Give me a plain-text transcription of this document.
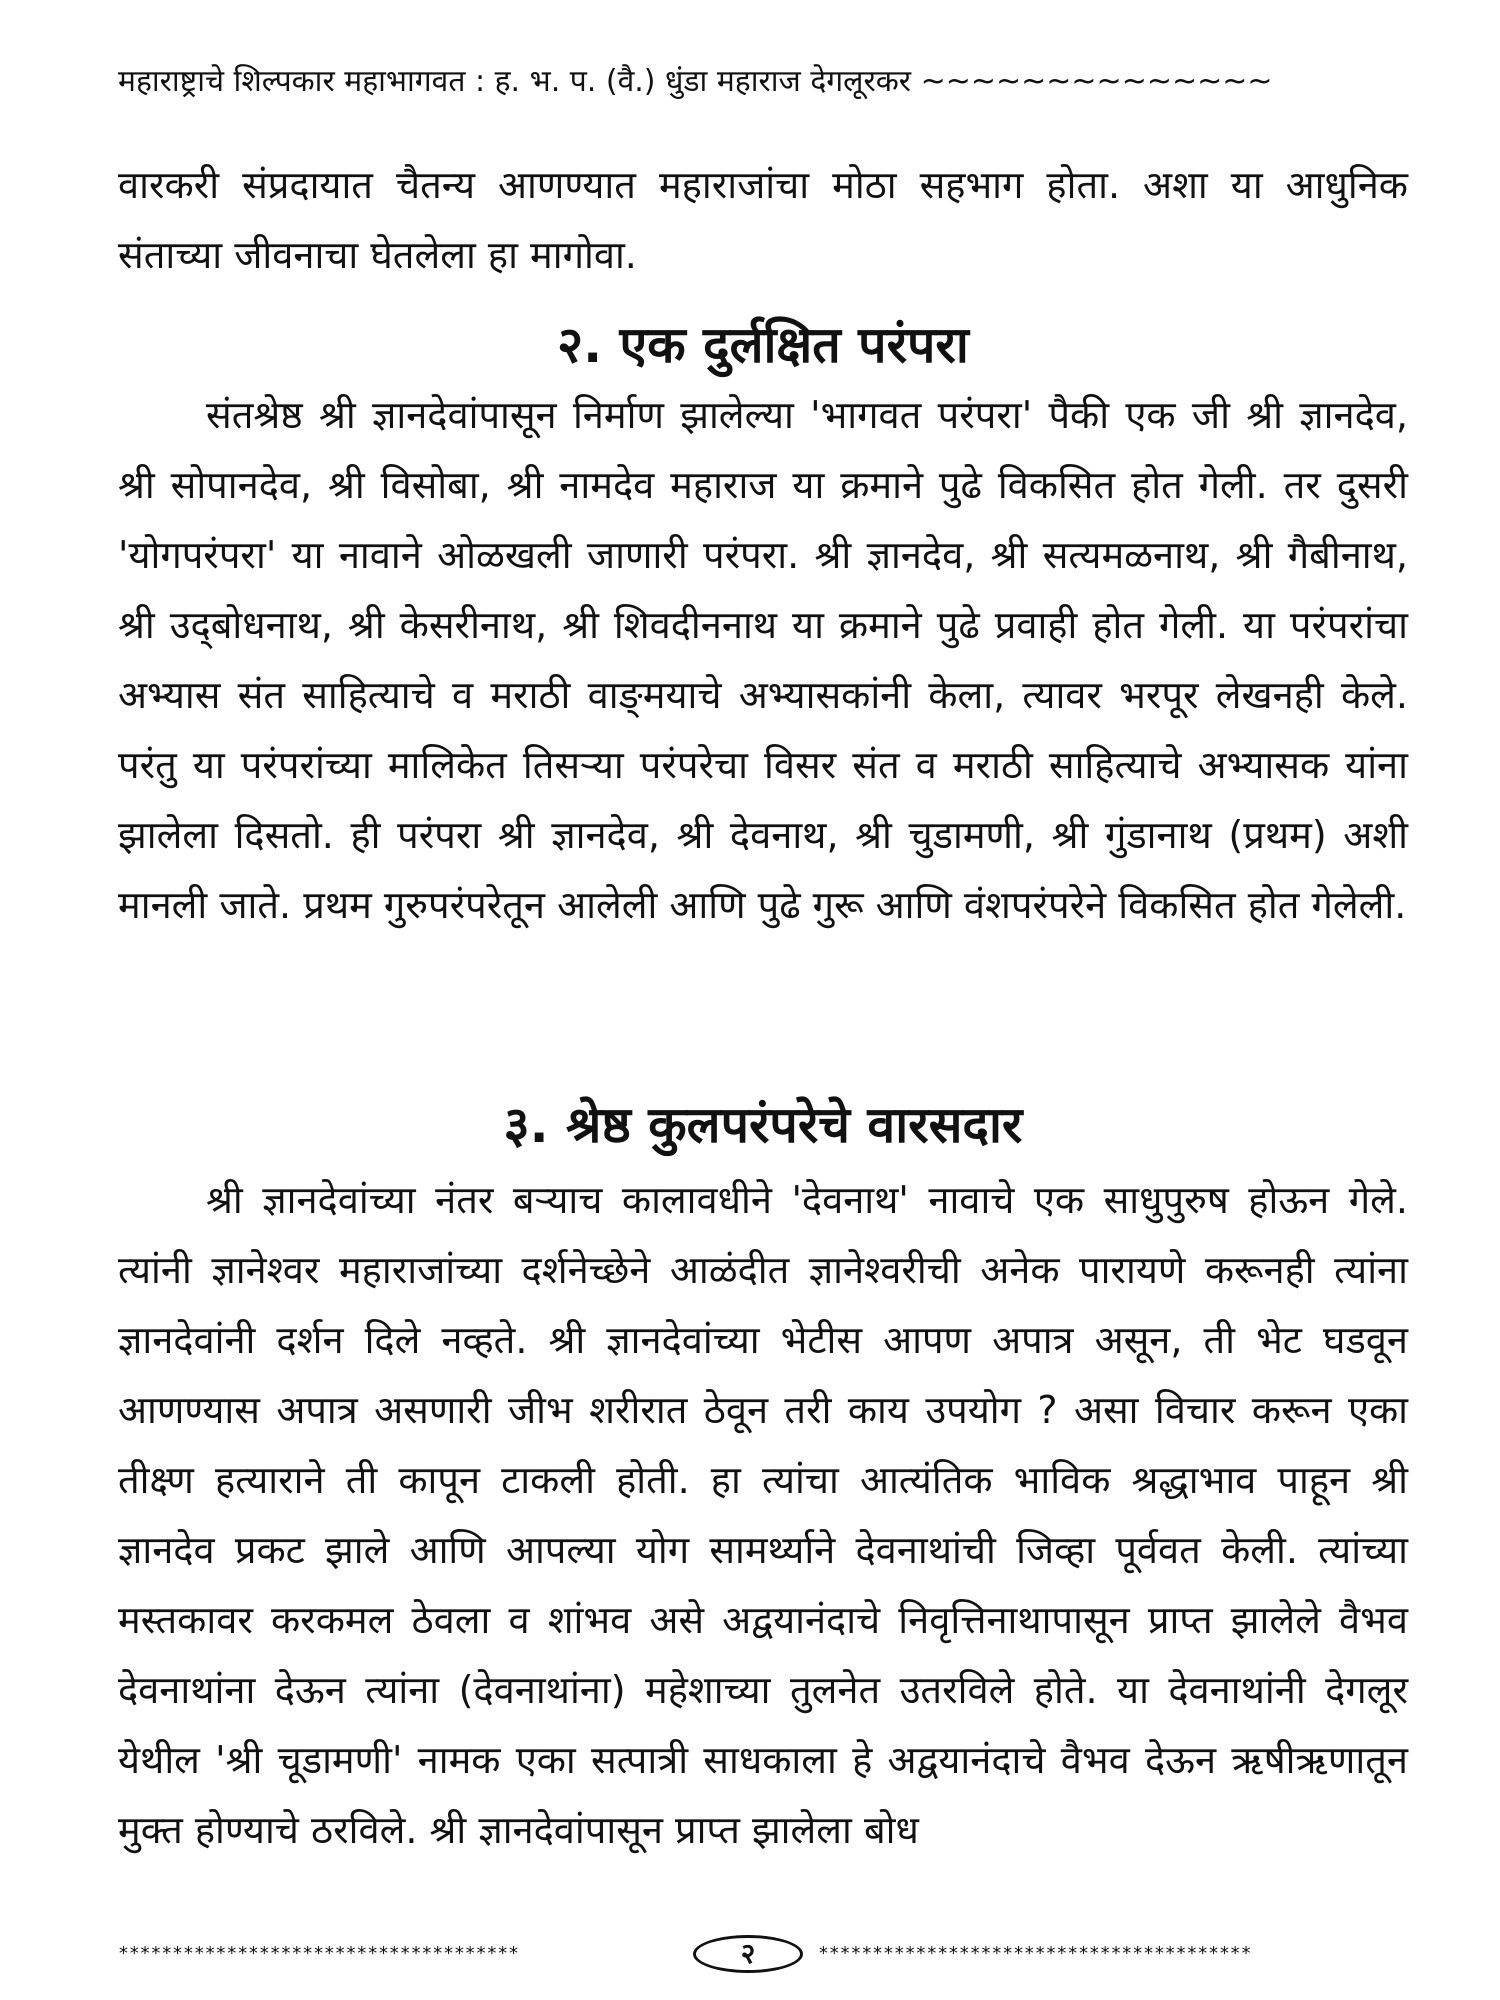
महाराष्ट्राचे शिल्पकार महाभागवत : ह. भ. प. (वै.) धुंडा महाराज देगलूरकर ~~~~~~~~~~~~~~

वारकरी संप्रदायात चैतन्य आणण्यात महाराजांचा मोठा सहभाग होता. अशा या आधुनिक संताच्या जीवनाचा घेतलेला हा मागोवा.

२. एक दुर्लक्षित परंपरा

संतश्रेष्ठ श्री ज्ञानदेवांपासून निर्माण झालेल्या 'भागवत परंपरा' पैकी एक जी श्री ज्ञानदेव, श्री सोपानदेव, श्री विसोबा, श्री नामदेव महाराज या क्रमाने पुढे विकसित होत गेली. तर दुसरी 'योगपरंपरा' या नावाने ओळखली जाणारी परंपरा. श्री ज्ञानदेव, श्री सत्यमळनाथ, श्री गैबीनाथ, श्री उद्‌बोधनाथ, श्री केसरीनाथ, श्री शिवदीननाथ या क्रमाने पुढे प्रवाही होत गेली. या परंपरांचा अभ्यास संत साहित्याचे व मराठी वाङ्‌मयाचे अभ्यासकांनी केला, त्यावर भरपूर लेखनही केले. परंतु या परंपरांच्या मालिकेत तिसऱ्या परंपरेचा विसर संत व मराठी साहित्याचे अभ्यासक यांना झालेला दिसतो. ही परंपरा श्री ज्ञानदेव, श्री देवनाथ, श्री चुडामणी, श्री गुंडानाथ (प्रथम) अशी मानली जाते. प्रथम गुरुपरंपरेतून आलेली आणि पुढे गुरू आणि वंशपरंपरेने विकसित होत गेलेली.

३. श्रेष्ठ कुलपरंपरेचे वारसदार

श्री ज्ञानदेवांच्या नंतर बऱ्याच कालावधीने 'देवनाथ' नावाचे एक साधुपुरुष होऊन गेले. त्यांनी ज्ञानेश्वर महाराजांच्या दर्शनेच्छेने आळंदीत ज्ञानेश्वरीची अनेक पारायणे करूनही त्यांना ज्ञानदेवांनी दर्शन दिले नव्हते. श्री ज्ञानदेवांच्या भेटीस आपण अपात्र असून, ती भेट घडवून आणण्यास अपात्र असणारी जीभ शरीरात ठेवून तरी काय उपयोग ? असा विचार करून एका तीक्ष्ण हत्याराने ती कापून टाकली होती. हा त्यांचा आत्यंतिक भाविक श्रद्धाभाव पाहून श्री ज्ञानदेव प्रकट झाले आणि आपल्या योग सामर्थ्याने देवनाथांची जिव्हा पूर्ववत केली. त्यांच्या मस्तकावर करकमल ठेवला व शांभव असे अद्वयानंदाचे निवृत्तिनाथापासून प्राप्त झालेले वैभव देवनाथांना देऊन त्यांना (देवनाथांना) महेशाच्या तुलनेत उतरविले होते. या देवनाथांनी देगलूर येथील 'श्री चूडामणी' नामक एका सत्पात्री साधकाला हे अद्वयानंदाचे वैभव देऊन ऋषीऋणातून मुक्त होण्याचे ठरविले. श्री ज्ञानदेवांपासून प्राप्त झालेला बोध

*************************************	२	****************************************
